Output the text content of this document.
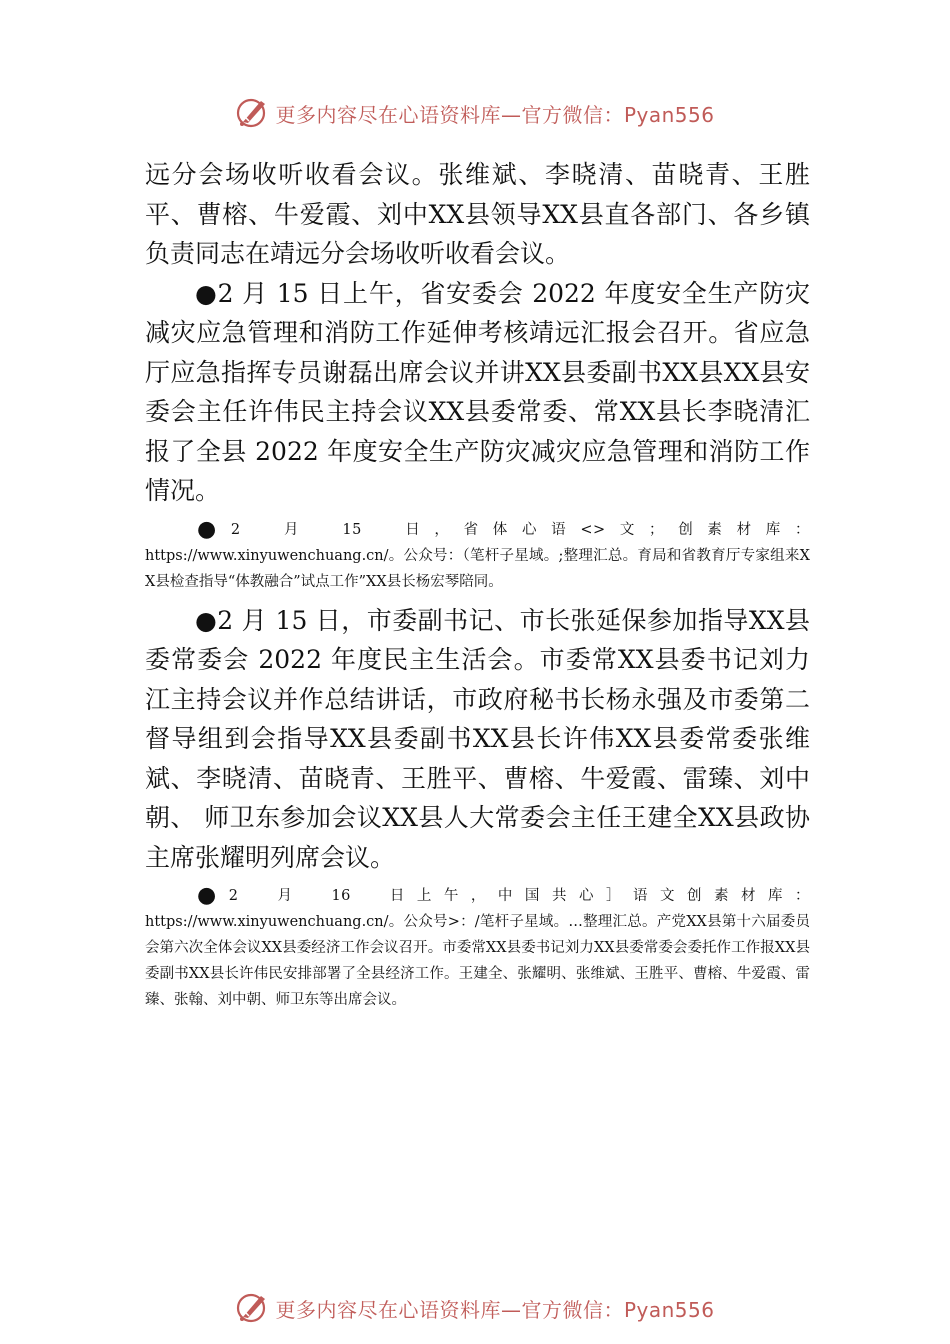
更多内容尽在心语资料库—官方微信：Pyan556

远分会场收听收看会议。张维斌、李晓清、苗晓青、王胜平、曹榕、牛爱霞、刘中XX县领导XX县直各部门、各乡镇负责同志在靖远分会场收听收看会议。

●2 月 15 日上午，省安委会 2022 年度安全生产防灾减灾应急管理和消防工作延伸考核靖远汇报会召开。省应急厅应急指挥专员谢磊出席会议并讲XX县委副书XX县XX县安委会主任许伟民主持会议XX县委常委、常XX县长李晓清汇报了全县 2022 年度安全生产防灾减灾应急管理和消防工作情况。

●2　月　15　日，省体心语<>文；创素材库：
https://www.xinyuwenchuang.cn/。公众号：（笔杆子星域。;整理汇总。育局和省教育厅专家组来XX县检查指导“体教融合”试点工作”XX县长杨宏琴陪同。

●2 月 15 日，市委副书记、市长张延保参加指导XX县委常委会 2022 年度民主生活会。市委常XX县委书记刘力江主持会议并作总结讲话，市政府秘书长杨永强及市委第二督导组到会指导XX县委副书XX县长许伟XX县委常委张维斌、李晓清、苗晓青、王胜平、曹榕、牛爱霞、雷臻、刘中朝、 师卫东参加会议XX县人大常委会主任王建全XX县政协主席张耀明列席会议。

●2　月　16　日上午，中国共心］语文创素材库：
https://www.xinyuwenchuang.cn/。公众号>：/笔杆子星域。…整理汇总。产党XX县第十六届委员会第六次全体会议XX县委经济工作会议召开。市委常XX县委书记刘力XX县委常委会委托作工作报XX县委副书XX县长许伟民安排部署了全县经济工作。王建全、张耀明、张维斌、王胜平、曹榕、牛爱霞、雷臻、张翰、刘中朝、师卫东等出席会议。

更多内容尽在心语资料库—官方微信：Pyan556
